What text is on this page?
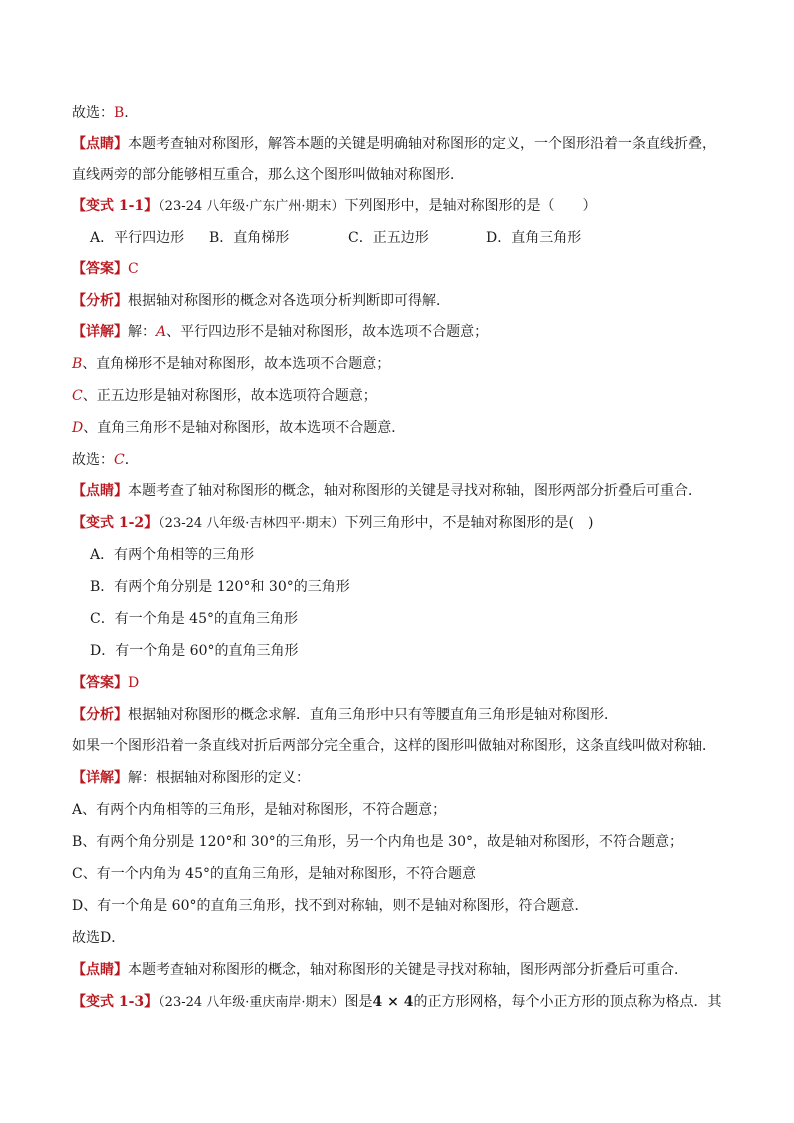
故选：B.
【点睛】本题考查轴对称图形，解答本题的关键是明确轴对称图形的定义，一个图形沿着一条直线折叠，
直线两旁的部分能够相互重合，那么这个图形叫做轴对称图形．
【变式 1-1】（23-24 八年级·广东广州·期末）下列图形中，是轴对称图形的是（　　）
A．平行四边形 B．直角梯形	C．正五边形	D．直角三角形
【答案】C
【分析】根据轴对称图形的概念对各选项分析判断即可得解．
【详解】解：A、平行四边形不是轴对称图形，故本选项不合题意；
B、直角梯形不是轴对称图形，故本选项不合题意；
C、正五边形是轴对称图形，故本选项符合题意；
D、直角三角形不是轴对称图形，故本选项不合题意．
故选：C．
【点睛】本题考查了轴对称图形的概念，轴对称图形的关键是寻找对称轴，图形两部分折叠后可重合．
【变式 1-2】（23-24 八年级·吉林四平·期末）下列三角形中，不是轴对称图形的是(　)
A．有两个角相等的三角形
B．有两个角分别是 120°和 30°的三角形
C．有一个角是 45°的直角三角形
D．有一个角是 60°的直角三角形
【答案】D
【分析】根据轴对称图形的概念求解．直角三角形中只有等腰直角三角形是轴对称图形．
如果一个图形沿着一条直线对折后两部分完全重合，这样的图形叫做轴对称图形，这条直线叫做对称轴．
【详解】解：根据轴对称图形的定义：
A、有两个内角相等的三角形，是轴对称图形，不符合题意；
B、有两个角分别是 120°和 30°的三角形，另一个内角也是 30°，故是轴对称图形，不符合题意；
C、有一个内角为 45°的直角三角形，是轴对称图形，不符合题意
D、有一个角是 60°的直角三角形，找不到对称轴，则不是轴对称图形，符合题意．
故选D．
【点睛】本题考查轴对称图形的概念，轴对称图形的关键是寻找对称轴，图形两部分折叠后可重合．
【变式 1-3】（23-24 八年级·重庆南岸·期末）图是4 × 4的正方形网格，每个小正方形的顶点称为格点．其
